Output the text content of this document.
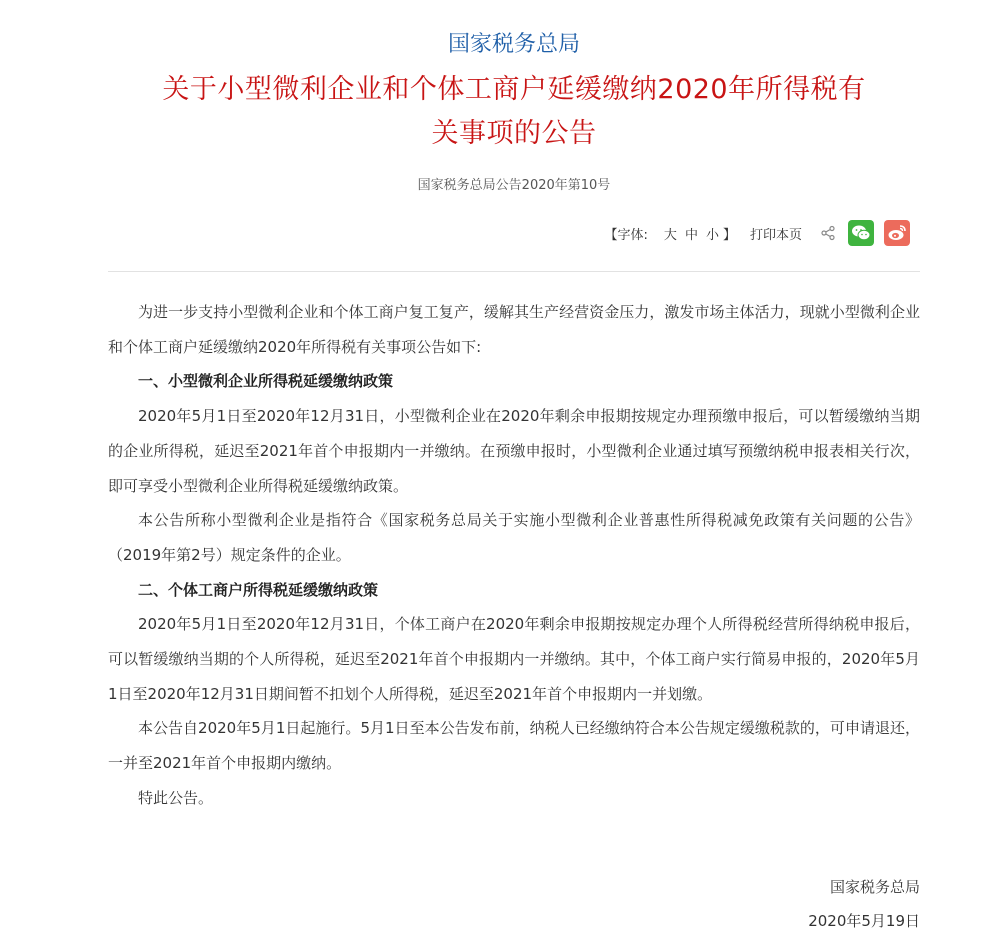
国家税务总局
关于小型微利企业和个体工商户延缓缴纳2020年所得税有
关事项的公告
国家税务总局公告2020年第10号
【字体: 大 中 小 】 打印本页

为进一步支持小型微利企业和个体工商户复工复产，缓解其生产经营资金压力，激发市场主体活力，现就小型微利企业和个体工商户延缓缴纳2020年所得税有关事项公告如下:

一、小型微利企业所得税延缓缴纳政策

2020年5月1日至2020年12月31日，小型微利企业在2020年剩余申报期按规定办理预缴申报后，可以暂缓缴纳当期的企业所得税，延迟至2021年首个申报期内一并缴纳。在预缴申报时，小型微利企业通过填写预缴纳税申报表相关行次，即可享受小型微利企业所得税延缓缴纳政策。

本公告所称小型微利企业是指符合《国家税务总局关于实施小型微利企业普惠性所得税减免政策有关问题的公告》（2019年第2号）规定条件的企业。

二、个体工商户所得税延缓缴纳政策

2020年5月1日至2020年12月31日，个体工商户在2020年剩余申报期按规定办理个人所得税经营所得纳税申报后，可以暂缓缴纳当期的个人所得税，延迟至2021年首个申报期内一并缴纳。其中，个体工商户实行简易申报的，2020年5月1日至2020年12月31日期间暂不扣划个人所得税，延迟至2021年首个申报期内一并划缴。

本公告自2020年5月1日起施行。5月1日至本公告发布前，纳税人已经缴纳符合本公告规定缓缴税款的，可申请退还，一并至2021年首个申报期内缴纳。

特此公告。

国家税务总局
2020年5月19日
